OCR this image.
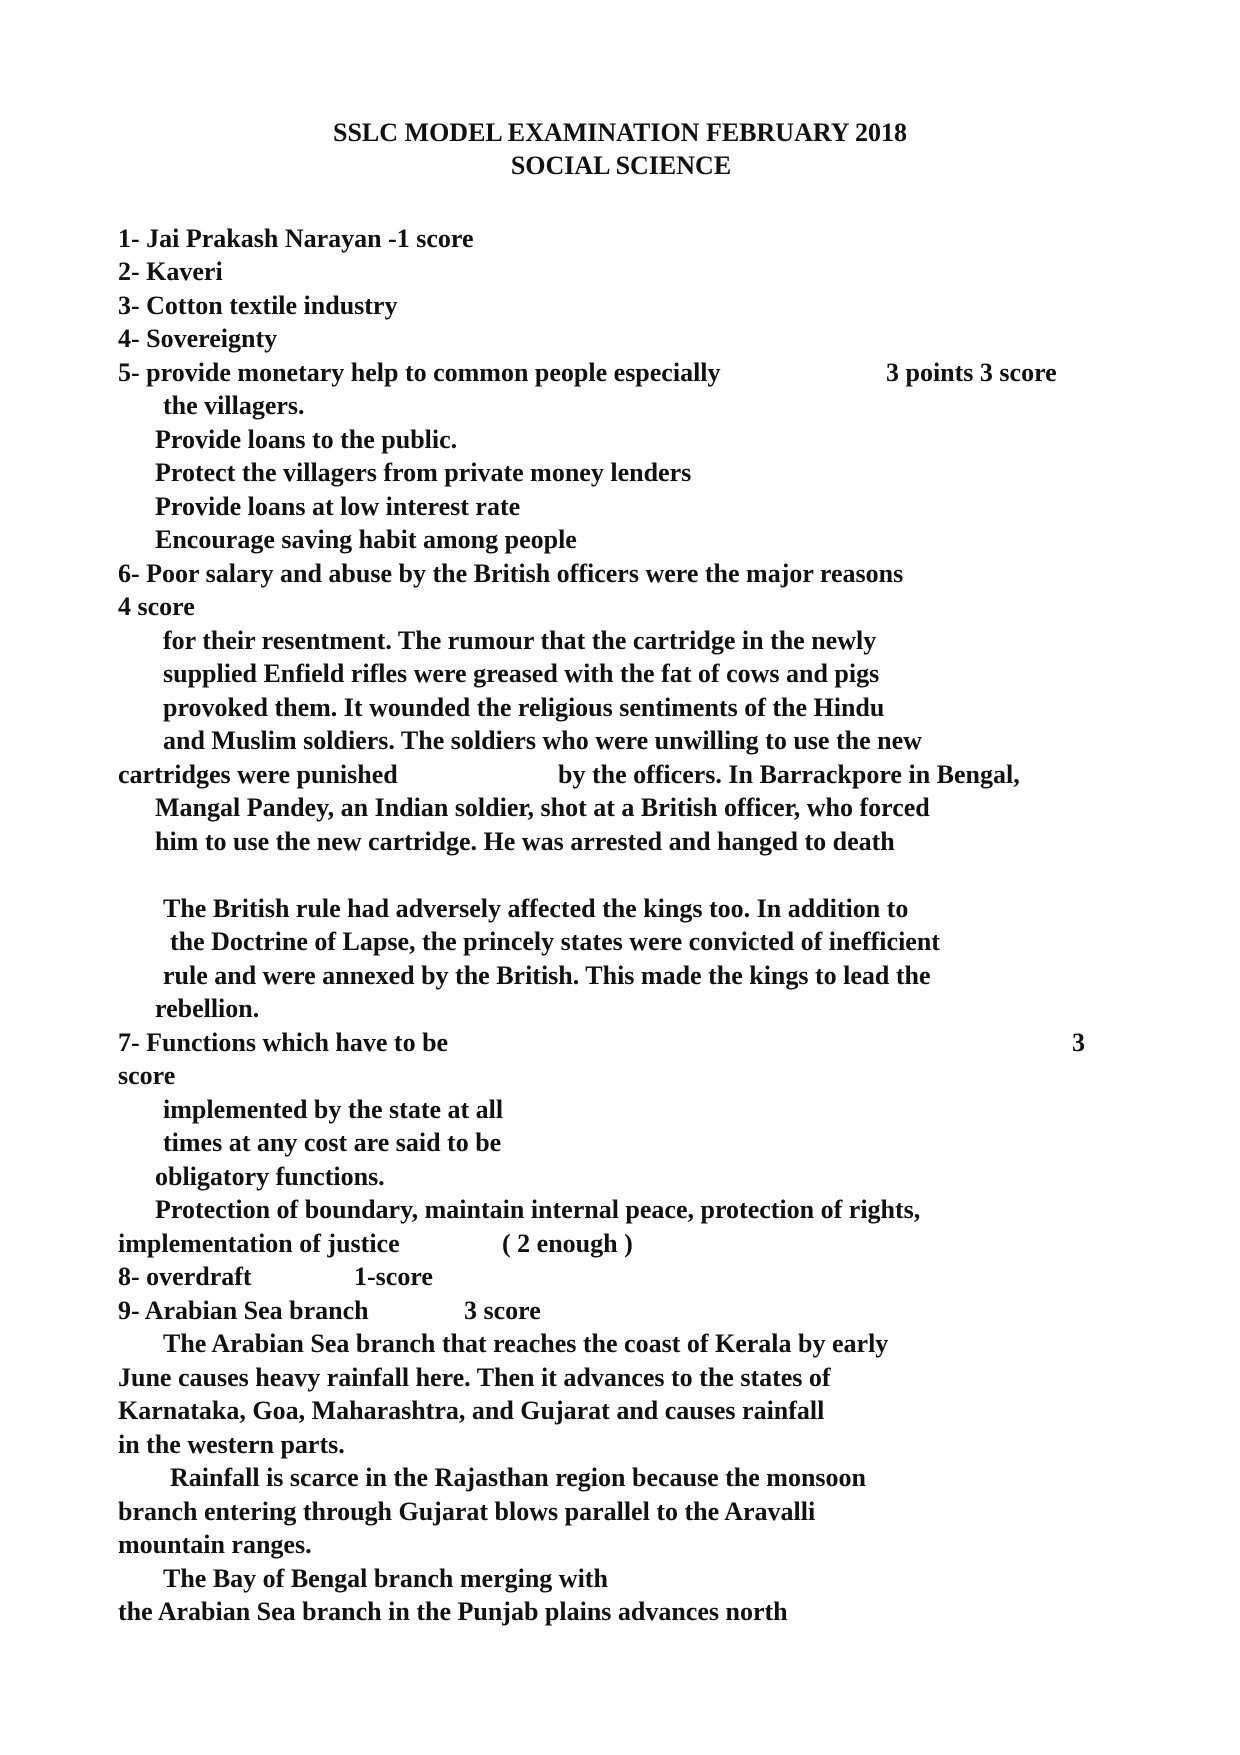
SSLC MODEL EXAMINATION FEBRUARY 2018
SOCIAL SCIENCE
1- Jai Prakash Narayan -1 score
2- Kaveri
3- Cotton textile industry
4- Sovereignty
5- provide monetary help to common people especially	3 points 3 score
the villagers.
Provide loans to the public.
Protect the villagers from private money lenders
Provide loans at low interest rate
Encourage saving habit among people
6- Poor salary and abuse by the British officers were the major reasons
4 score
for their resentment. The rumour that the cartridge in the newly
supplied Enfield rifles were greased with the fat of cows and pigs
provoked them. It wounded the religious sentiments of the Hindu
and Muslim soldiers. The soldiers who were unwilling to use the new
cartridges were punished	by the officers. In Barrackpore in Bengal,
Mangal Pandey, an Indian soldier, shot at a British officer, who forced
him to use the new cartridge. He was arrested and hanged to death
The British rule had adversely affected the kings too. In addition to
the Doctrine of Lapse, the princely states were convicted of inefficient
rule and were annexed by the British. This made the kings to lead the
rebellion.
7- Functions which have to be	3
score
implemented by the state at all
times at any cost are said to be
obligatory functions.
Protection of boundary, maintain internal peace, protection of rights,
implementation of justice	( 2 enough )
8- overdraft	1-score
9- Arabian Sea branch	3 score
The Arabian Sea branch that reaches the coast of Kerala by early
June causes heavy rainfall here. Then it advances to the states of
Karnataka, Goa, Maharashtra, and Gujarat and causes rainfall
in the western parts.
Rainfall is scarce in the Rajasthan region because the monsoon
branch entering through Gujarat blows parallel to the Aravalli
mountain ranges.
The Bay of Bengal branch merging with
the Arabian Sea branch in the Punjab plains advances north
